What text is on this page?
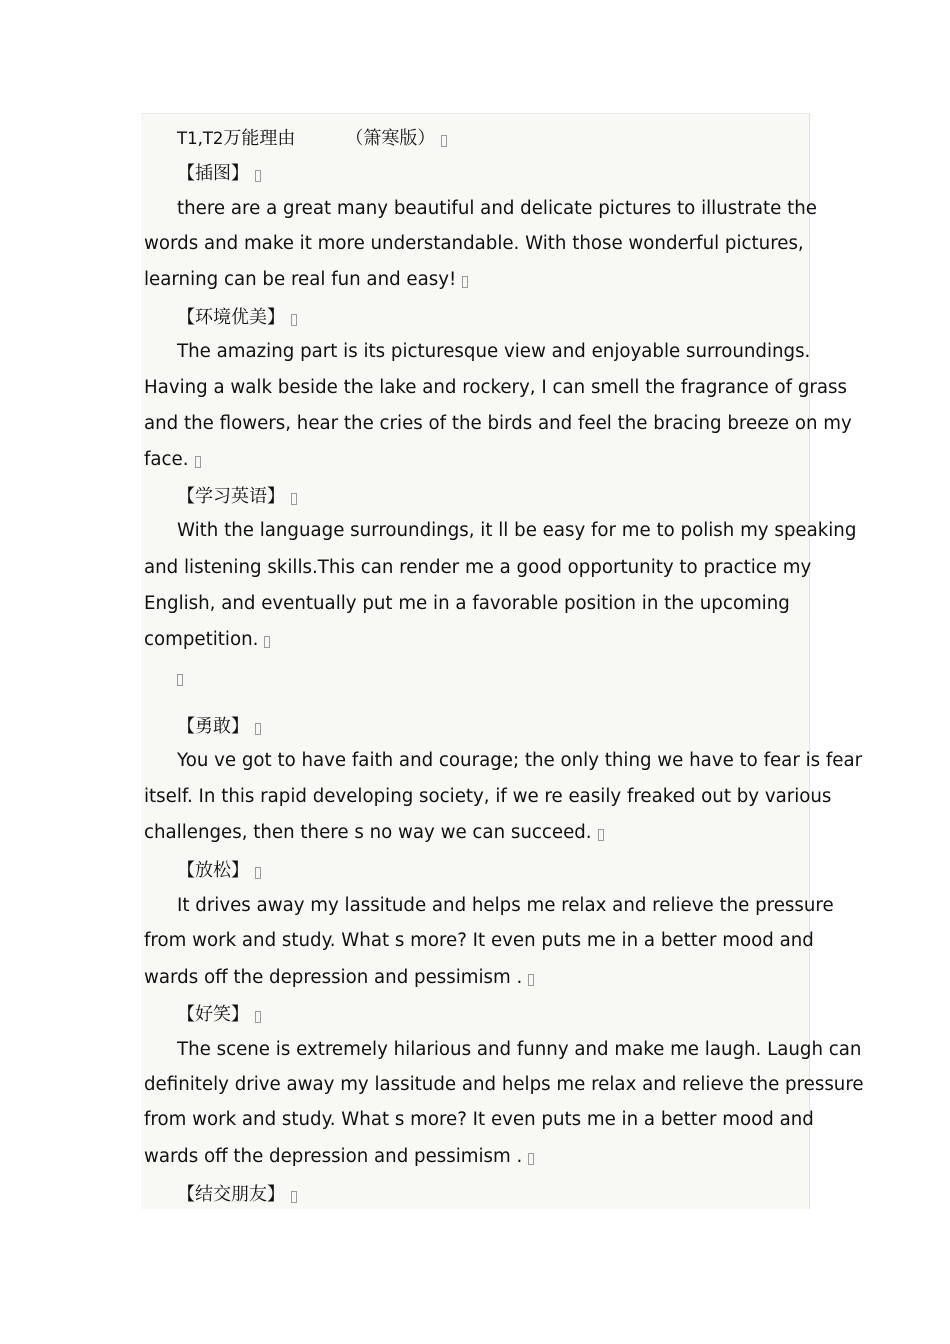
T1,T2万能理由	（箫寒版）
【插图】
there are a great many beautiful and delicate pictures to illustrate the
words and make it more understandable. With those wonderful pictures,
learning can be real fun and easy!
【环境优美】
The amazing part is its picturesque view and enjoyable surroundings.
Having a walk beside the lake and rockery, I can smell the fragrance of grass
and the flowers, hear the cries of the birds and feel the bracing breeze on my
face.
【学习英语】
With the language surroundings, it ll be easy for me to polish my speaking
and listening skills.This can render me a good opportunity to practice my
English, and eventually put me in a favorable position in the upcoming
competition.
【勇敢】
You ve got to have faith and courage; the only thing we have to fear is fear
itself. In this rapid developing society, if we re easily freaked out by various
challenges, then there s no way we can succeed.
【放松】
It drives away my lassitude and helps me relax and relieve the pressure
from work and study. What s more? It even puts me in a better mood and
wards off the depression and pessimism .
【好笑】
The scene is extremely hilarious and funny and make me laugh. Laugh can
definitely drive away my lassitude and helps me relax and relieve the pressure
from work and study. What s more? It even puts me in a better mood and
wards off the depression and pessimism .
【结交朋友】
